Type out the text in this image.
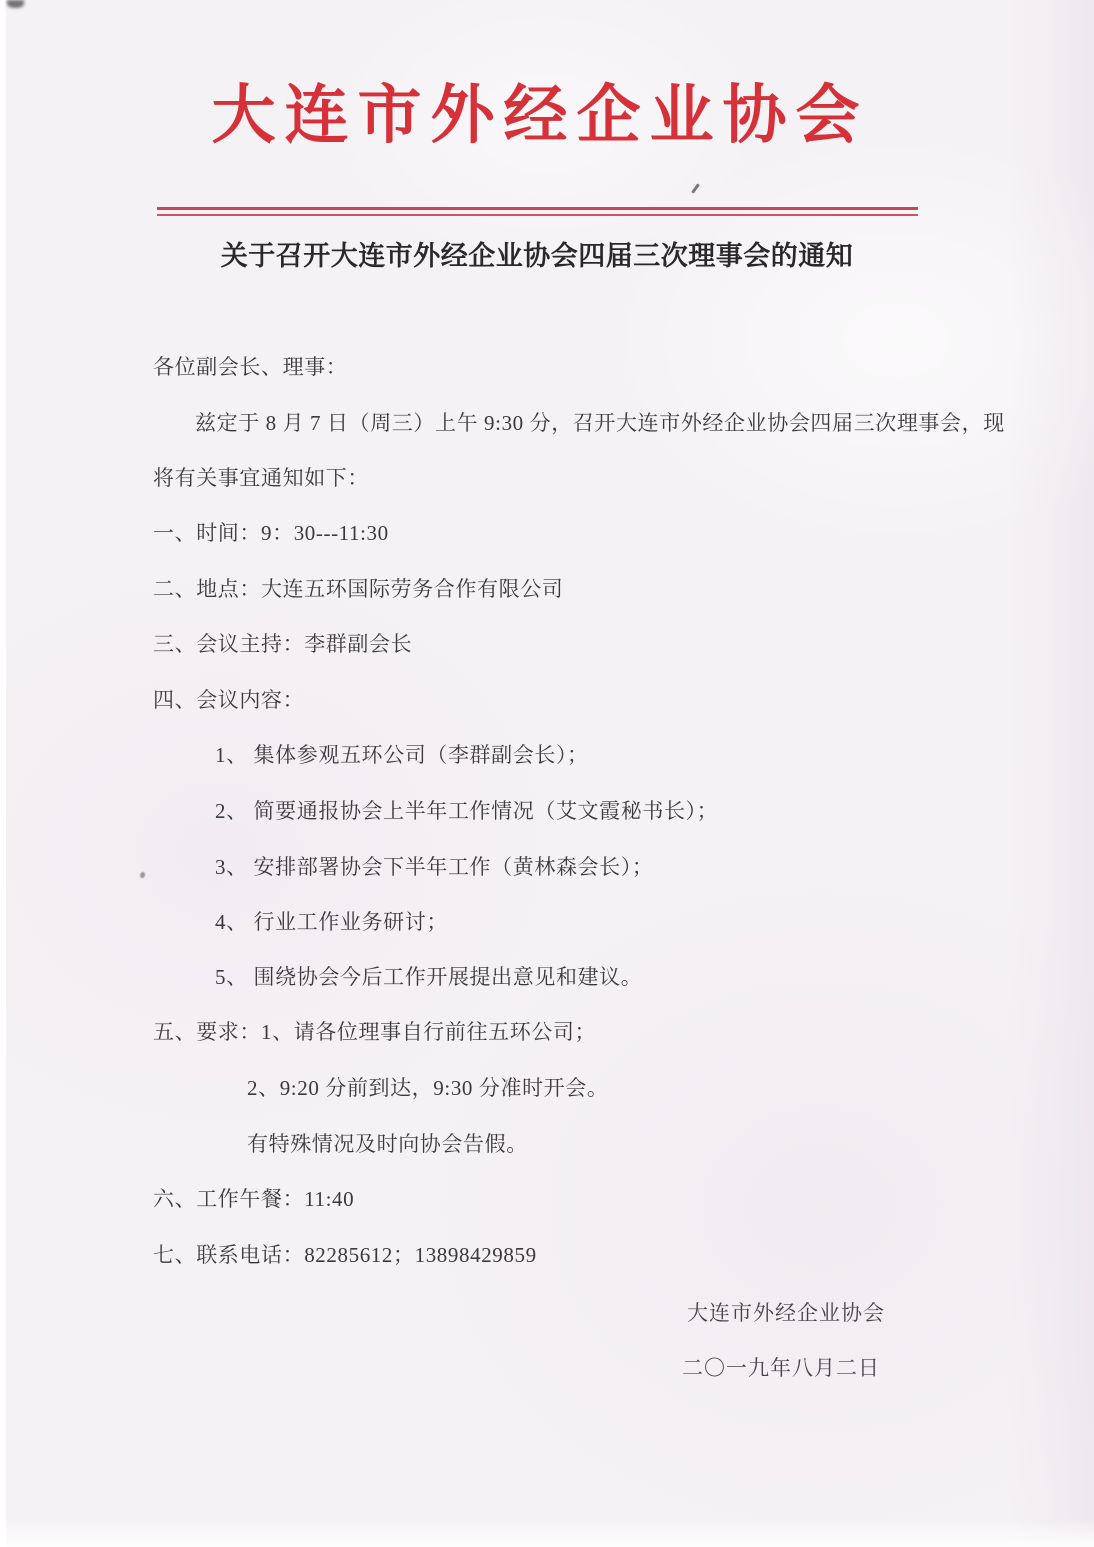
大连市外经企业协会
关于召开大连市外经企业协会四届三次理事会的通知
各位副会长、理事：
兹定于 8 月 7 日（周三）上午 9:30 分，召开大连市外经企业协会四届三次理事会，现
将有关事宜通知如下：
一、时间：9：30---11:30
二、地点：大连五环国际劳务合作有限公司
三、会议主持：李群副会长
四、会议内容：
1、 集体参观五环公司（李群副会长）；
2、 简要通报协会上半年工作情况（艾文霞秘书长）；
3、 安排部署协会下半年工作（黄林森会长）；
4、 行业工作业务研讨；
5、 围绕协会今后工作开展提出意见和建议。
五、要求：1、请各位理事自行前往五环公司；
2、9:20 分前到达，9:30 分准时开会。
有特殊情况及时向协会告假。
六、工作午餐：11:40
七、联系电话：82285612；13898429859
大连市外经企业协会
二〇一九年八月二日
